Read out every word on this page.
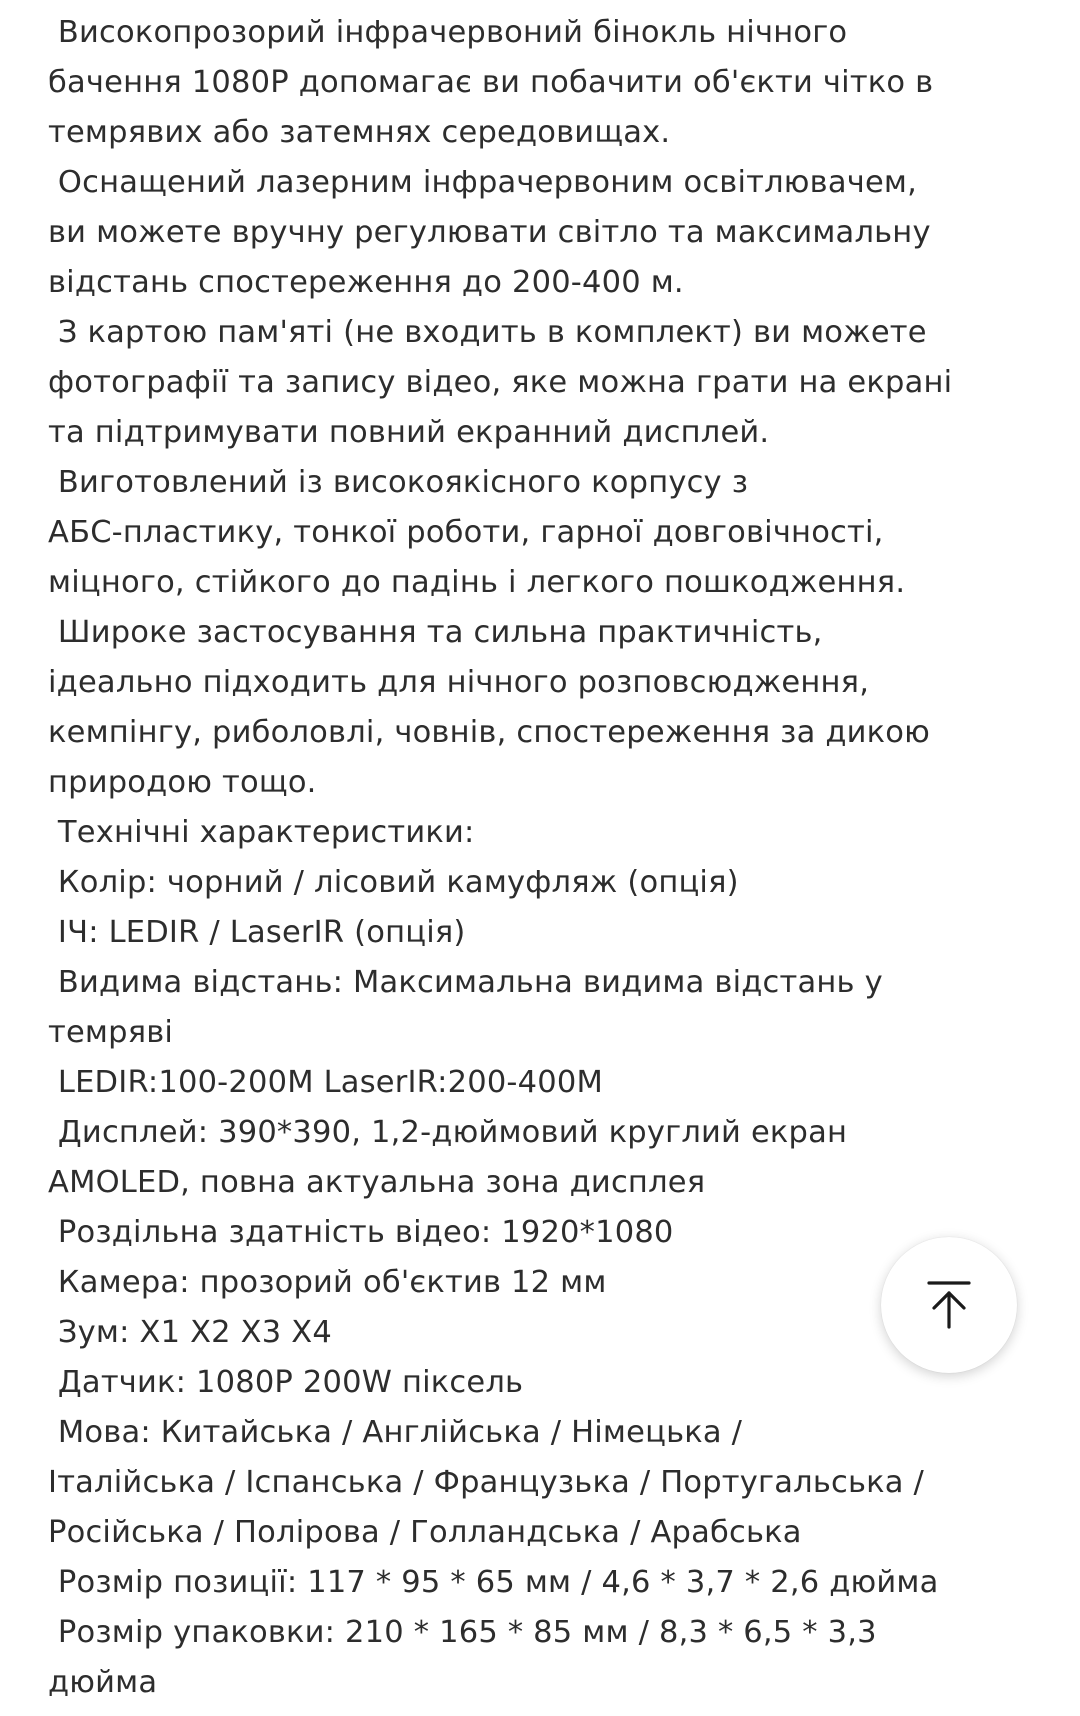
Високопрозорий інфрачервоний бінокль нічного
бачення 1080P допомагає ви побачити об'єкти чітко в
темрявих або затемнях середовищах.
Оснащений лазерним інфрачервоним освітлювачем,
ви можете вручну регулювати світло та максимальну
відстань спостереження до 200-400 м.
З картою пам'яті (не входить в комплект) ви можете
фотографії та запису відео, яке можна грати на екрані
та підтримувати повний екранний дисплей.
Виготовлений із високоякісного корпусу з
АБС-пластику, тонкої роботи, гарної довговічності,
міцного, стійкого до падінь і легкого пошкодження.
Широке застосування та сильна практичність,
ідеально підходить для нічного розповсюдження,
кемпінгу, риболовлі, човнів, спостереження за дикою
природою тощо.
Технічні характеристики:
Колір: чорний / лісовий камуфляж (опція)
ІЧ: LEDIR / LaserIR (опція)
Видима відстань: Максимальна видима відстань у
темряві
LEDIR:100-200M LaserIR:200-400M
Дисплей: 390*390, 1,2-дюймовий круглий екран
AMOLED, повна актуальна зона дисплея
Роздільна здатність відео: 1920*1080
Камера: прозорий об'єктив 12 мм
Зум: X1 X2 X3 X4
Датчик: 1080P 200W піксель
Мова: Китайська / Англійська / Німецька /
Італійська / Іспанська / Французька / Португальська /
Російська / Полірова / Голландська / Арабська
Розмір позиції: 117 * 95 * 65 мм / 4,6 * 3,7 * 2,6 дюйма
Розмір упаковки: 210 * 165 * 85 мм / 8,3 * 6,5 * 3,3
дюйма
